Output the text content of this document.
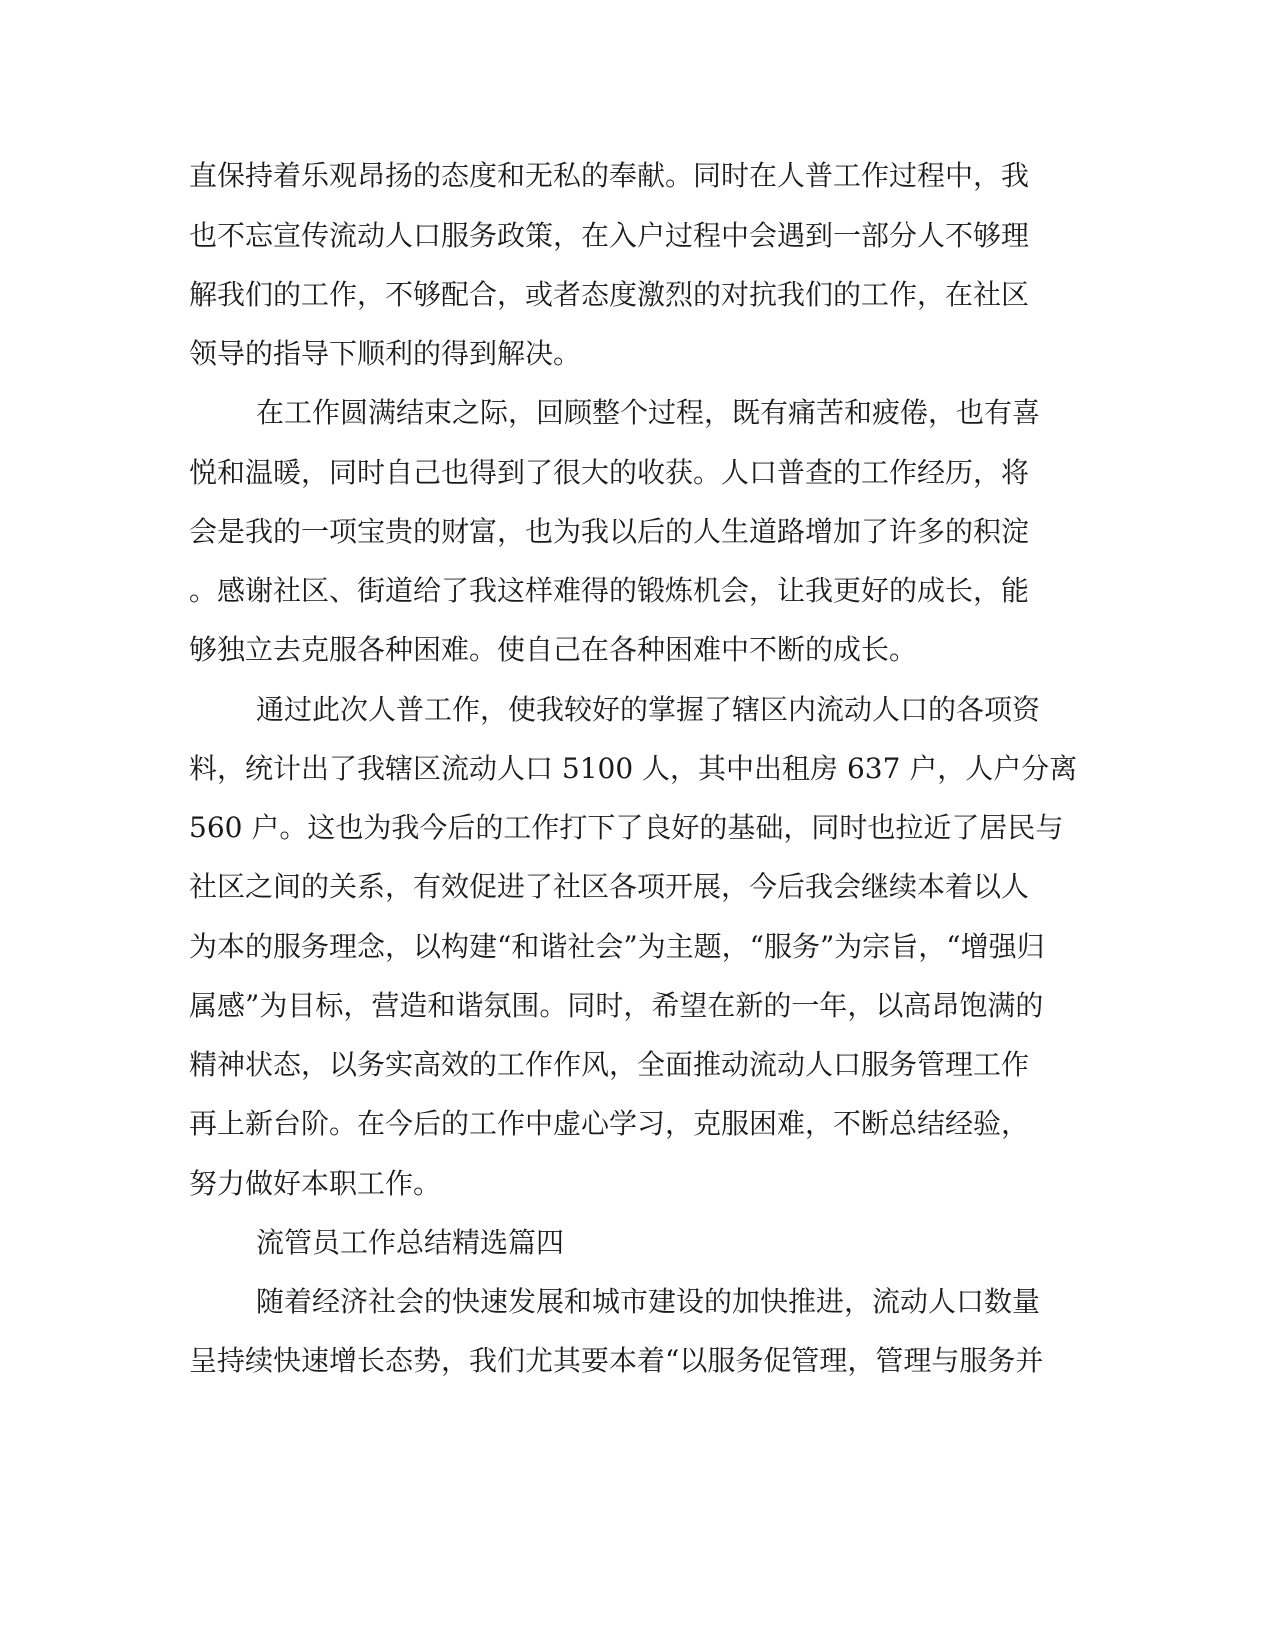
直保持着乐观昂扬的态度和无私的奉献。同时在人普工作过程中，我
也不忘宣传流动人口服务政策，在入户过程中会遇到一部分人不够理
解我们的工作，不够配合，或者态度激烈的对抗我们的工作，在社区
领导的指导下顺利的得到解决。
在工作圆满结束之际，回顾整个过程，既有痛苦和疲倦，也有喜
悦和温暖，同时自己也得到了很大的收获。人口普查的工作经历，将
会是我的一项宝贵的财富，也为我以后的人生道路增加了许多的积淀
。感谢社区、街道给了我这样难得的锻炼机会，让我更好的成长，能
够独立去克服各种困难。使自己在各种困难中不断的成长。
通过此次人普工作，使我较好的掌握了辖区内流动人口的各项资
料，统计出了我辖区流动人口 5100 人，其中出租房 637 户，人户分离
560 户。这也为我今后的工作打下了良好的基础，同时也拉近了居民与
社区之间的关系，有效促进了社区各项开展，今后我会继续本着以人
为本的服务理念，以构建“和谐社会”为主题，“服务”为宗旨，“增强归
属感”为目标，营造和谐氛围。同时，希望在新的一年，以高昂饱满的
精神状态，以务实高效的工作作风，全面推动流动人口服务管理工作
再上新台阶。在今后的工作中虚心学习，克服困难，不断总结经验，
努力做好本职工作。
流管员工作总结精选篇四
随着经济社会的快速发展和城市建设的加快推进，流动人口数量
呈持续快速增长态势，我们尤其要本着“以服务促管理，管理与服务并
